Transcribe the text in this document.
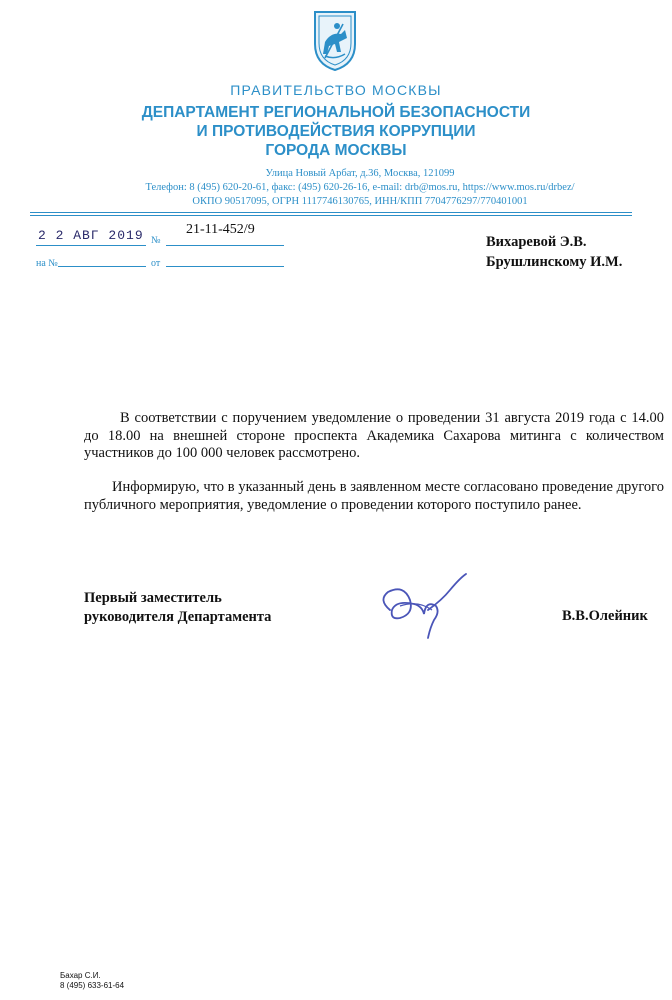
ПРАВИТЕЛЬСТВО МОСКВЫ
ДЕПАРТАМЕНТ РЕГИОНАЛЬНОЙ БЕЗОПАСНОСТИ
И ПРОТИВОДЕЙСТВИЯ КОРРУПЦИИ
ГОРОДА МОСКВЫ
Улица Новый Арбат, д.36, Москва, 121099
Телефон: 8 (495) 620-20-61, факс: (495) 620-26-16, e-mail: drb@mos.ru, https://www.mos.ru/drbez/
ОКПО 90517095, ОГРН 1117746130765, ИНН/КПП 7704776297/770401001
2 2 АВГ 2019 №
21-11-452/9
на №	от
Вихаревой Э.В.
Брушлинскому И.М.

В соответствии с поручением уведомление о проведении 31 августа 2019 года с 14.00 до 18.00 на внешней стороне проспекта Академика Сахарова митинга с количеством участников до 100 000 человек рассмотрено.

Информирую, что в указанный день в заявленном месте согласовано проведение другого публичного мероприятия, уведомление о проведении которого поступило ранее.

Первый заместитель
руководителя Департамента	В.В.Олейник
Бахар С.И.
8 (495) 633-61-64
